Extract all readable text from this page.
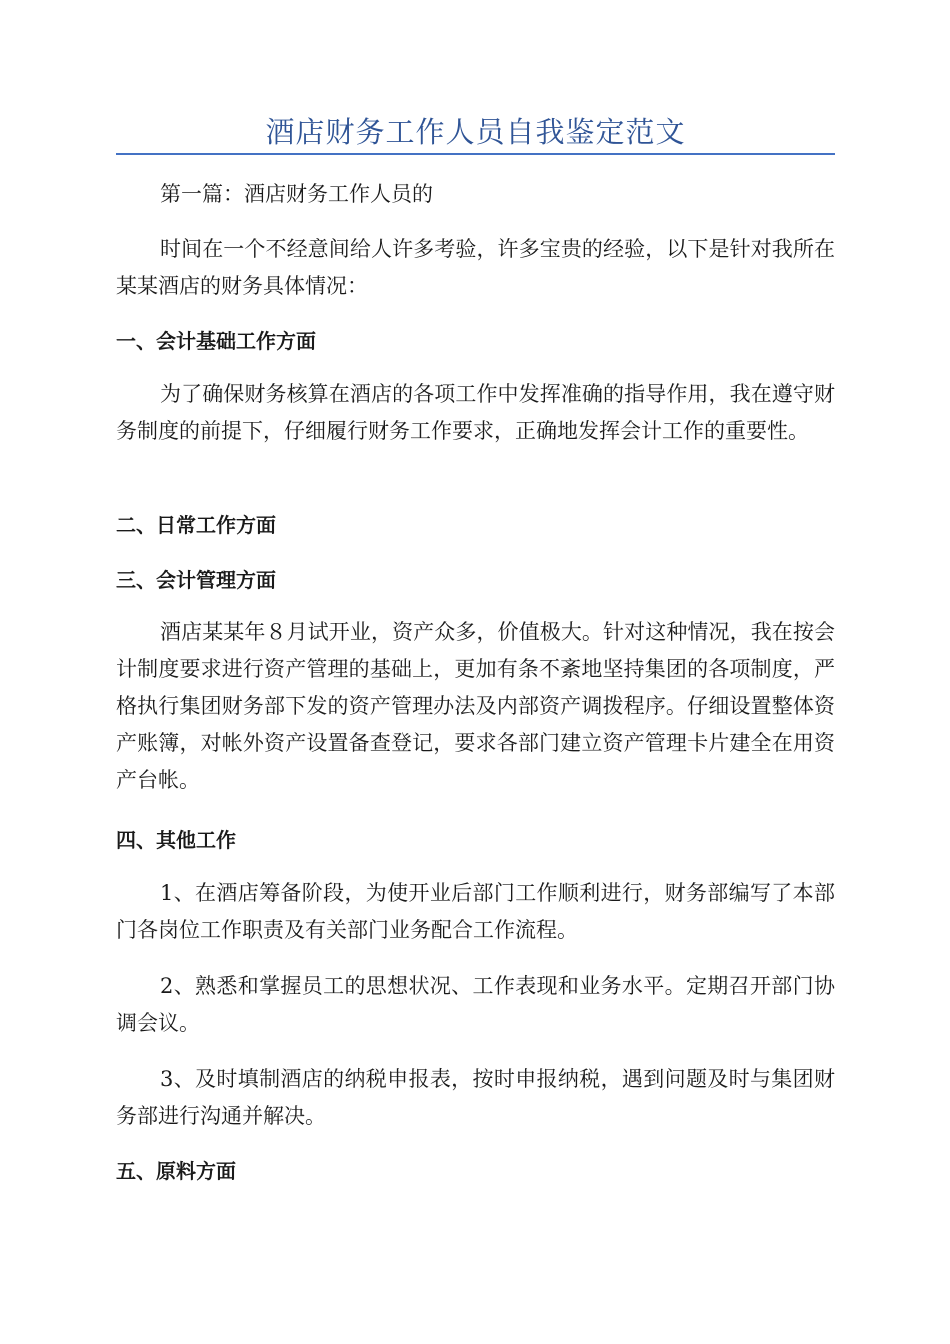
酒店财务工作人员自我鉴定范文
第一篇：酒店财务工作人员的
时间在一个不经意间给人许多考验，许多宝贵的经验，以下是针对我所在某某酒店的财务具体情况：
一、会计基础工作方面
为了确保财务核算在酒店的各项工作中发挥准确的指导作用，我在遵守财务制度的前提下，仔细履行财务工作要求，正确地发挥会计工作的重要性。
二、日常工作方面
三、会计管理方面
酒店某某年８月试开业，资产众多，价值极大。针对这种情况，我在按会计制度要求进行资产管理的基础上，更加有条不紊地坚持集团的各项制度，严格执行集团财务部下发的资产管理办法及内部资产调拨程序。仔细设置整体资产账簿，对帐外资产设置备查登记，要求各部门建立资产管理卡片建全在用资产台帐。
四、其他工作
1、在酒店筹备阶段，为使开业后部门工作顺利进行，财务部编写了本部门各岗位工作职责及有关部门业务配合工作流程。
2、熟悉和掌握员工的思想状况、工作表现和业务水平。定期召开部门协调会议。
3、及时填制酒店的纳税申报表，按时申报纳税，遇到问题及时与集团财务部进行沟通并解决。
五、原料方面
